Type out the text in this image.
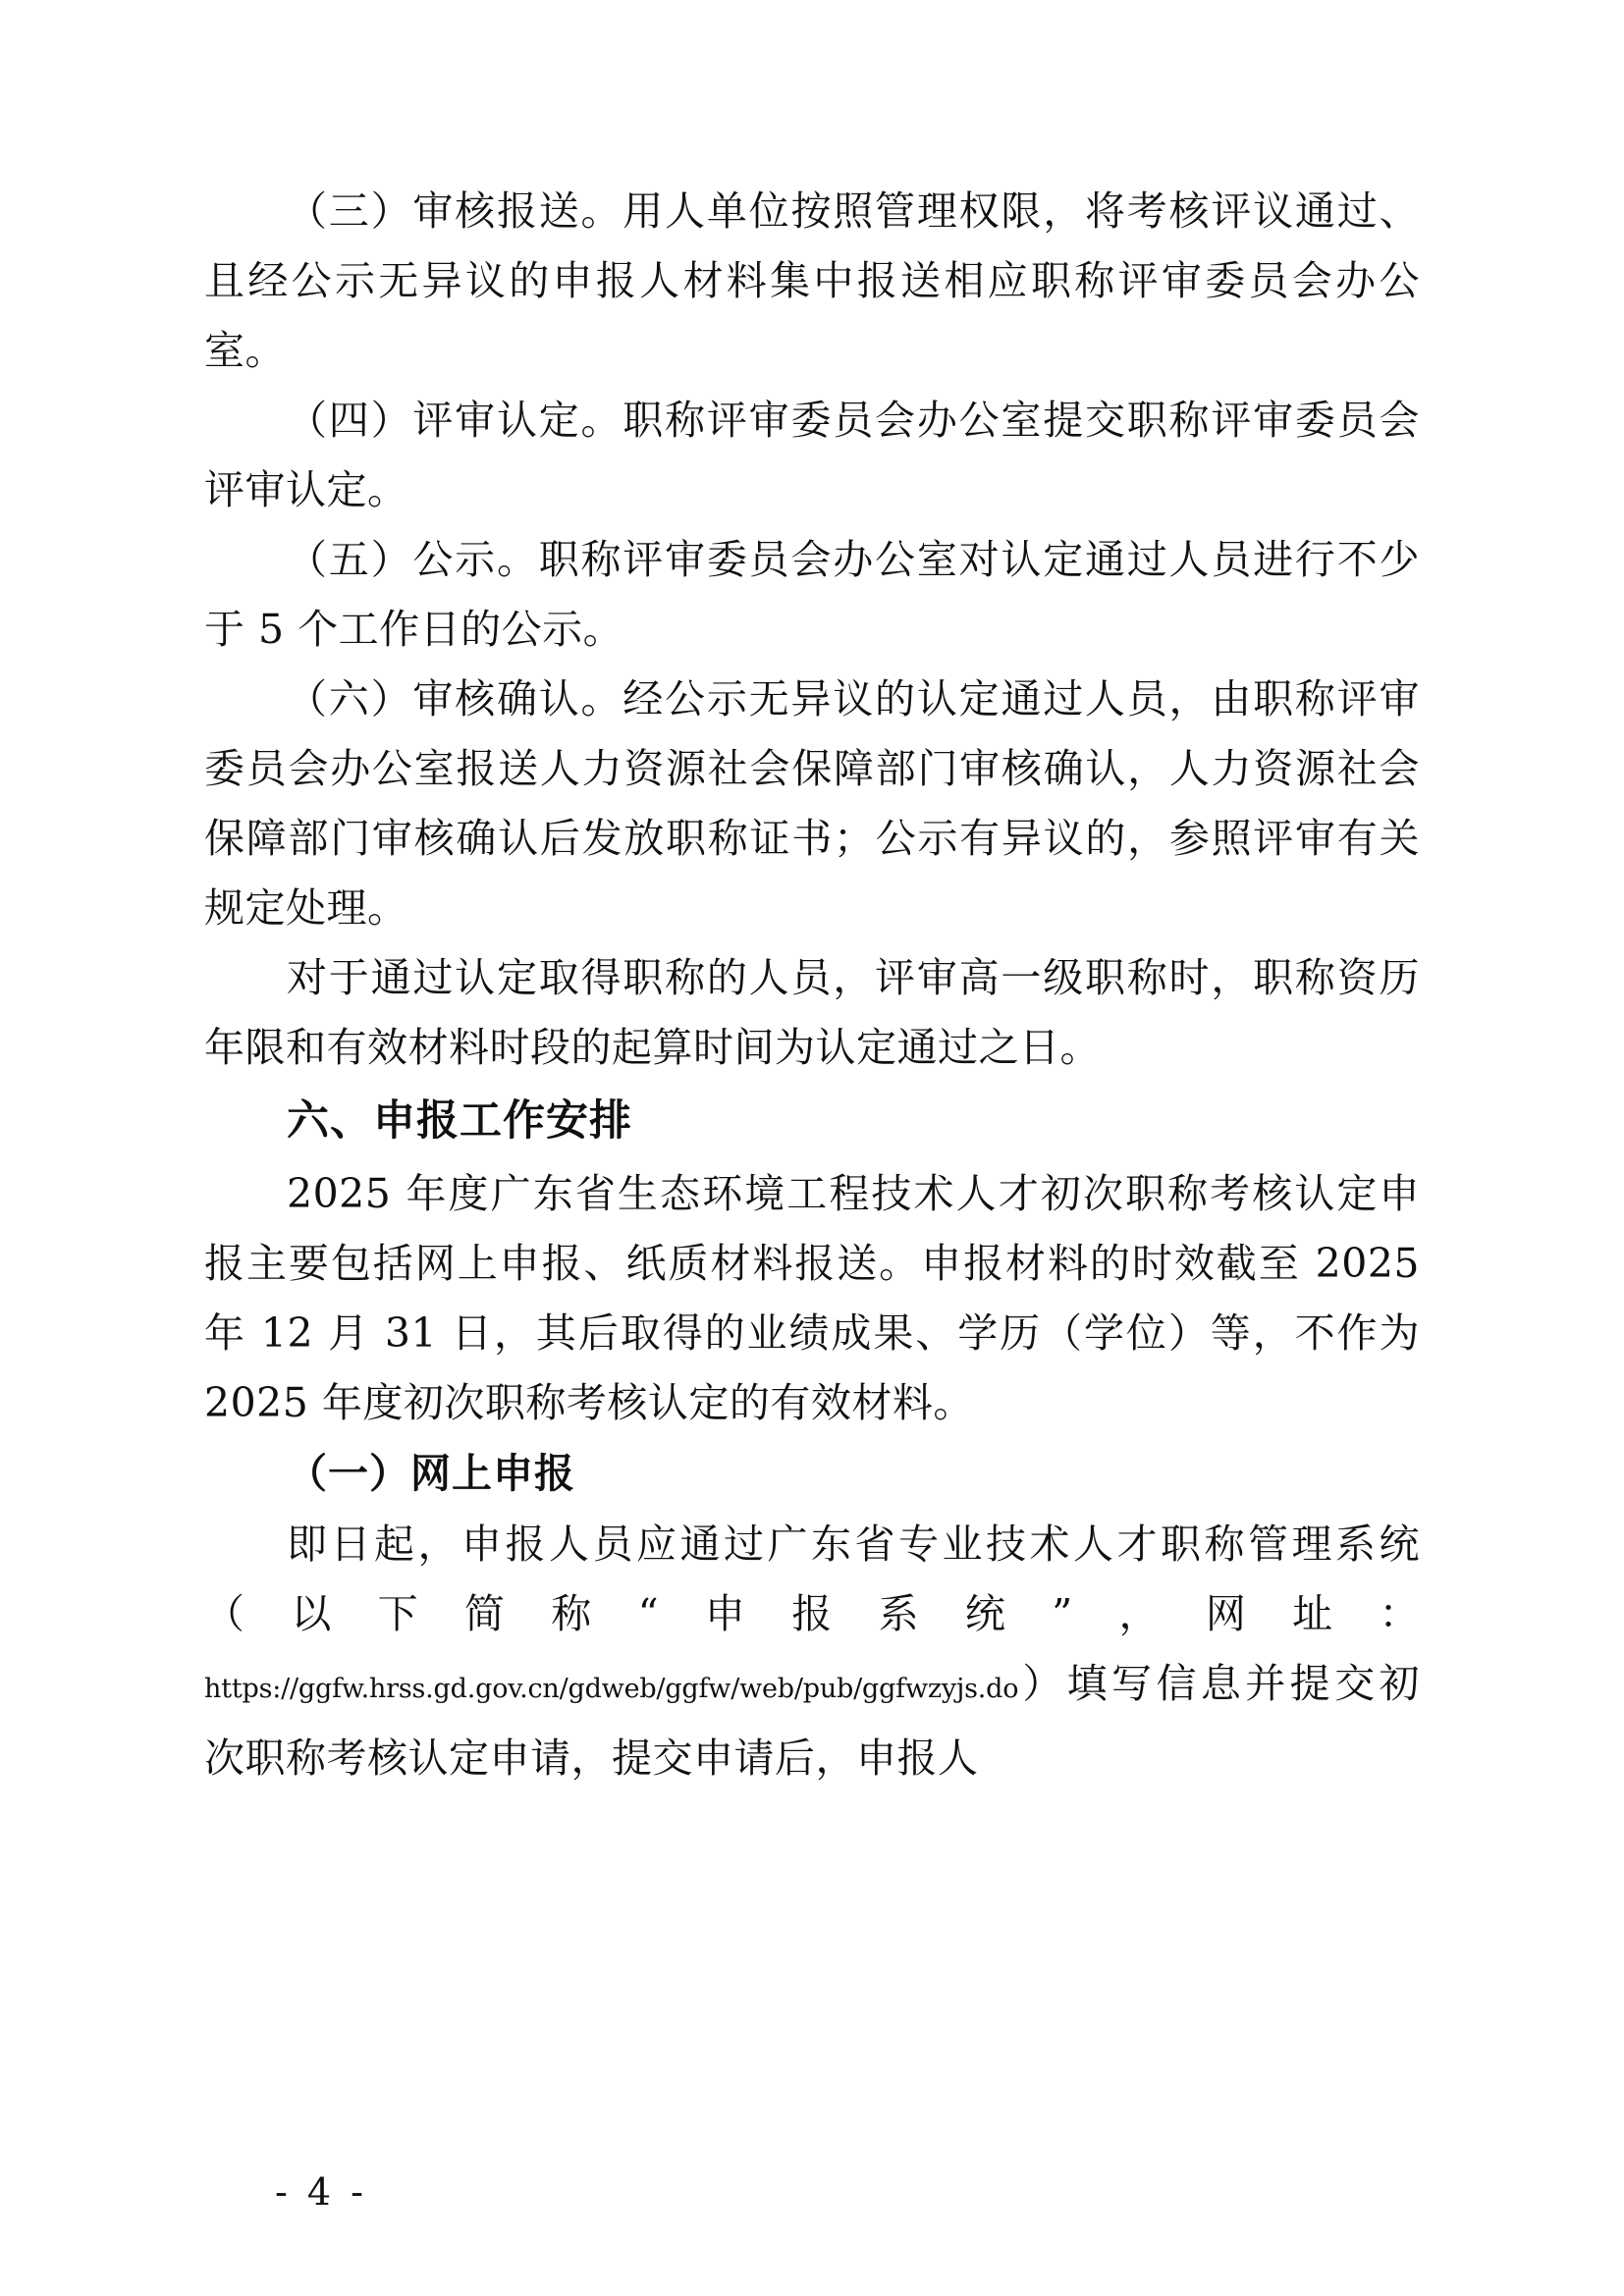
（三）审核报送。用人单位按照管理权限，将考核评议通过、且经公示无异议的申报人材料集中报送相应职称评审委员会办公室。

（四）评审认定。职称评审委员会办公室提交职称评审委员会评审认定。

（五）公示。职称评审委员会办公室对认定通过人员进行不少于 5 个工作日的公示。

（六）审核确认。经公示无异议的认定通过人员，由职称评审委员会办公室报送人力资源社会保障部门审核确认，人力资源社会保障部门审核确认后发放职称证书；公示有异议的，参照评审有关规定处理。

对于通过认定取得职称的人员，评审高一级职称时，职称资历年限和有效材料时段的起算时间为认定通过之日。

六、申报工作安排

2025 年度广东省生态环境工程技术人才初次职称考核认定申报主要包括网上申报、纸质材料报送。申报材料的时效截至 2025 年 12 月 31 日，其后取得的业绩成果、学历（学位）等，不作为 2025 年度初次职称考核认定的有效材料。

（一）网上申报

即日起，申报人员应通过广东省专业技术人才职称管理系统（以下简称“申报系统”，网址：https://ggfw.hrss.gd.gov.cn/gdweb/ggfw/web/pub/ggfwzyjs.do）填写信息并提交初次职称考核认定申请，提交申请后，申报人

- 4 -
